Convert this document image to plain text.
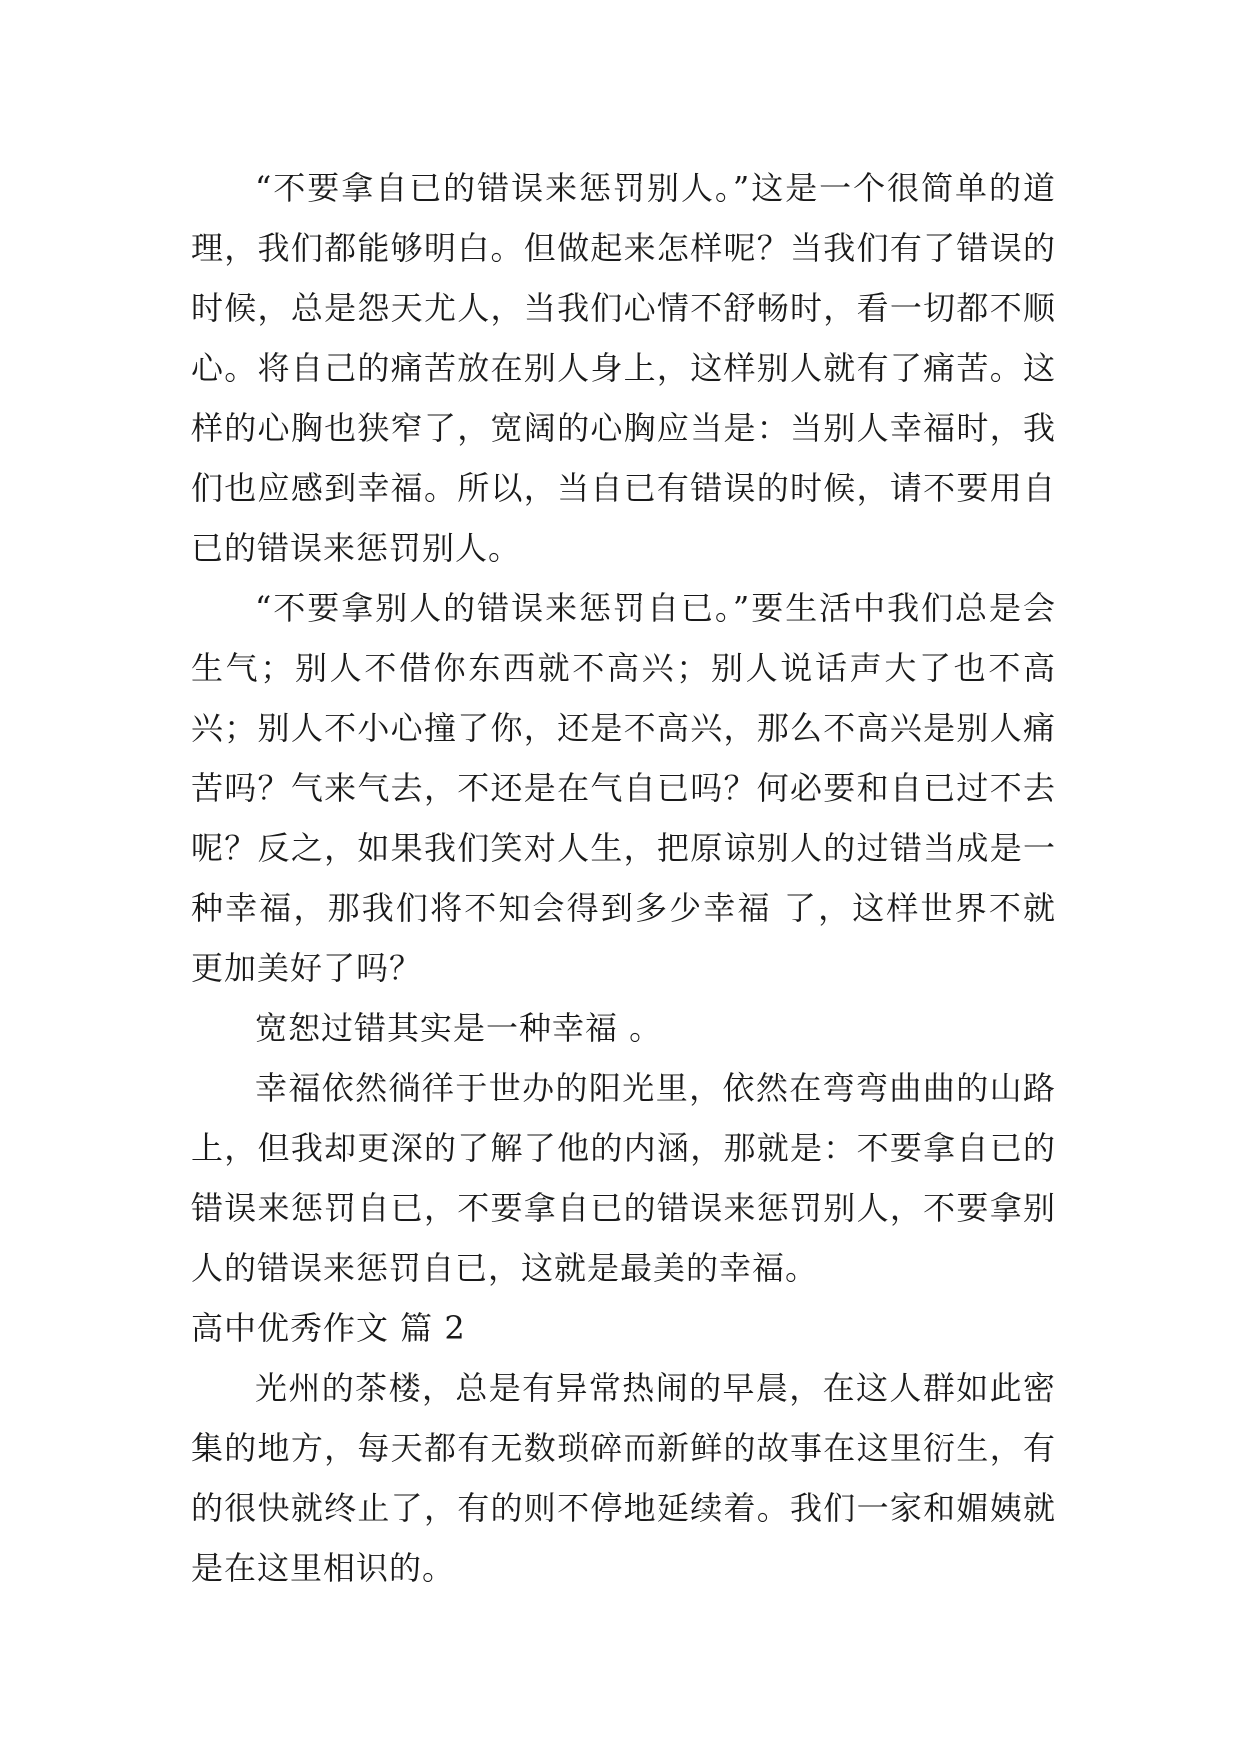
“不要拿自已的错误来惩罚别人。”这是一个很简单的道理，我们都能够明白。但做起来怎样呢？当我们有了错误的时候，总是怨天尤人，当我们心情不舒畅时，看一切都不顺心。将自己的痛苦放在别人身上，这样别人就有了痛苦。这样的心胸也狭窄了，宽阔的心胸应当是：当别人幸福时，我们也应感到幸福。所以，当自已有错误的时候，请不要用自已的错误来惩罚别人。

“不要拿别人的错误来惩罚自已。”要生活中我们总是会生气；别人不借你东西就不高兴；别人说话声大了也不高兴；别人不小心撞了你，还是不高兴，那么不高兴是别人痛苦吗？气来气去，不还是在气自已吗？何必要和自已过不去呢？反之，如果我们笑对人生，把原谅别人的过错当成是一种幸福，那我们将不知会得到多少幸福 了，这样世界不就更加美好了吗？

宽恕过错其实是一种幸福 。

幸福依然徜徉于世办的阳光里，依然在弯弯曲曲的山路上，但我却更深的了解了他的内涵，那就是：不要拿自已的错误来惩罚自已，不要拿自已的错误来惩罚别人，不要拿别人的错误来惩罚自已，这就是最美的幸福。

高中优秀作文 篇 2

光州的茶楼，总是有异常热闹的早晨，在这人群如此密集的地方，每天都有无数琐碎而新鲜的故事在这里衍生，有的很快就终止了，有的则不停地延续着。我们一家和媚姨就是在这里相识的。
